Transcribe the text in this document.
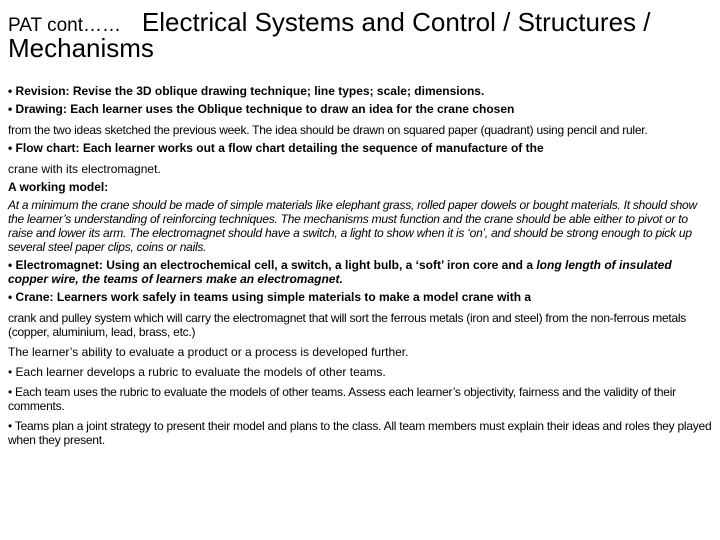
PAT cont…… Electrical Systems and Control / Structures /
Mechanisms

• Revision: Revise the 3D oblique drawing technique; line types; scale; dimensions.

• Drawing: Each learner uses the Oblique technique to draw an idea for the crane chosen

from the two ideas sketched the previous week. The idea should be drawn on squared paper (quadrant) using pencil and ruler.

• Flow chart: Each learner works out a flow chart detailing the sequence of manufacture of the

crane with its electromagnet.

A working model:

At a minimum the crane should be made of simple materials like elephant grass, rolled paper dowels or bought materials. It should show the learner’s understanding of reinforcing techniques. The mechanisms must function and the crane should be able either to pivot or to raise and lower its arm. The electromagnet should have a switch, a light to show when it is ‘on’, and should be strong enough to pick up several steel paper clips, coins or nails.

• Electromagnet: Using an electrochemical cell, a switch, a light bulb, a ‘soft’ iron core and a long length of insulated copper wire, the teams of learners make an electromagnet.

• Crane: Learners work safely in teams using simple materials to make a model crane with a

crank and pulley system which will carry the electromagnet that will sort the ferrous metals (iron and steel) from the non-ferrous metals (copper, aluminium, lead, brass, etc.)

The learner’s ability to evaluate a product or a process is developed further.

• Each learner develops a rubric to evaluate the models of other teams.

• Each team uses the rubric to evaluate the models of other teams. Assess each learner’s objectivity, fairness and the validity of their comments.

• Teams plan a joint strategy to present their model and plans to the class. All team members must explain their ideas and roles they played when they present.
